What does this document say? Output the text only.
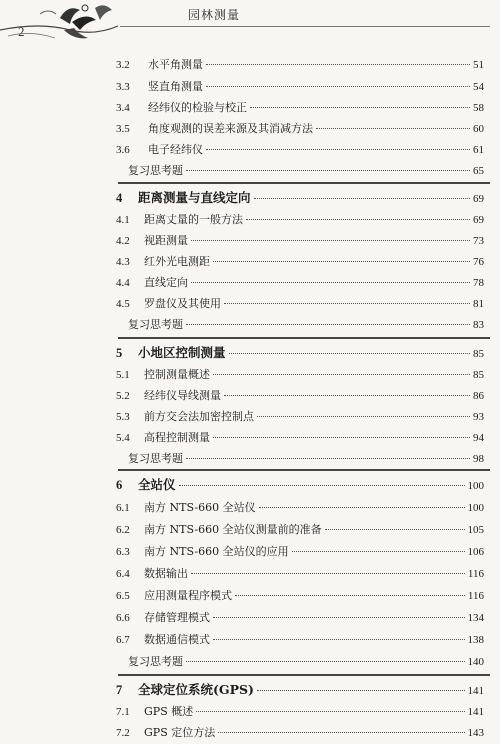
2
园林测量
3.2	水平角测量	51
3.3	竖直角测量	54
3.4	经纬仪的检验与校正	58
3.5	角度观测的误差来源及其消减方法	60
3.6	电子经纬仪	61
复习思考题	65
4	距离测量与直线定向	69
4.1	距离丈量的一般方法	69
4.2	视距测量	73
4.3	红外光电测距	76
4.4	直线定向	78
4.5	罗盘仪及其使用	81
复习思考题	83
5	小地区控制测量	85
5.1	控制测量概述	85
5.2	经纬仪导线测量	86
5.3	前方交会法加密控制点	93
5.4	高程控制测量	94
复习思考题	98
6	全站仪	100
6.1	南方 NTS-660 全站仪	100
6.2	南方 NTS-660 全站仪测量前的准备	105
6.3	南方 NTS-660 全站仪的应用	106
6.4	数据输出	116
6.5	应用测量程序模式	116
6.6	存储管理模式	134
6.7	数据通信模式	138
复习思考题	140
7	全球定位系统(GPS)	141
7.1	GPS 概述	141
7.2	GPS 定位方法	143
